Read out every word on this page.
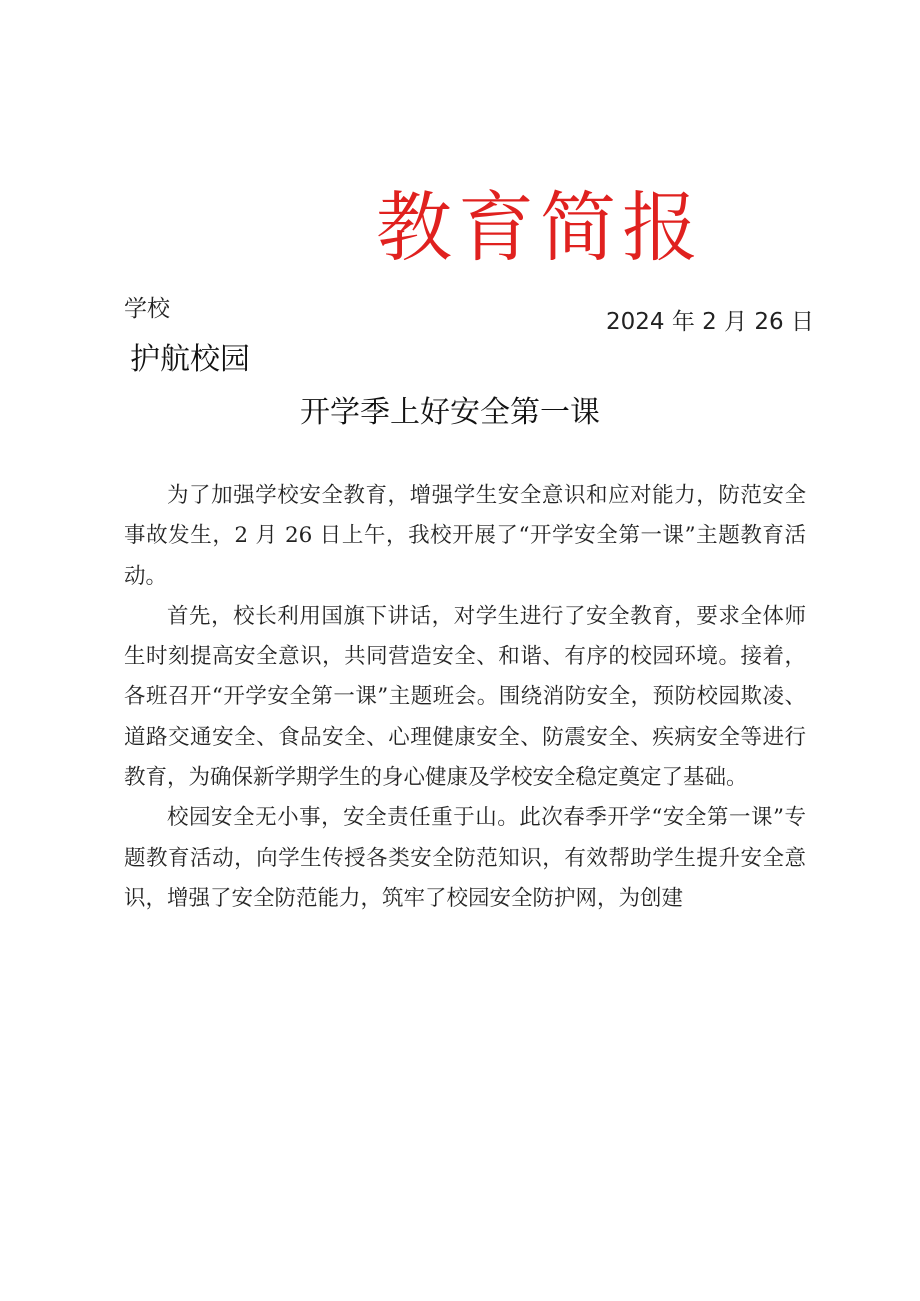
教育简报
学校	2024 年 2 月 26 日
护航校园
开学季上好安全第一课

为了加强学校安全教育，增强学生安全意识和应对能力，防范安全事故发生，2 月 26 日上午，我校开展了“开学安全第一课”主题教育活动。

首先，校长利用国旗下讲话，对学生进行了安全教育，要求全体师生时刻提高安全意识，共同营造安全、和谐、有序的校园环境。接着，各班召开“开学安全第一课”主题班会。围绕消防安全，预防校园欺凌、道路交通安全、食品安全、心理健康安全、防震安全、疾病安全等进行教育，为确保新学期学生的身心健康及学校安全稳定奠定了基础。

校园安全无小事，安全责任重于山。此次春季开学“安全第一课”专题教育活动，向学生传授各类安全防范知识，有效帮助学生提升安全意识，增强了安全防范能力，筑牢了校园安全防护网，为创建
